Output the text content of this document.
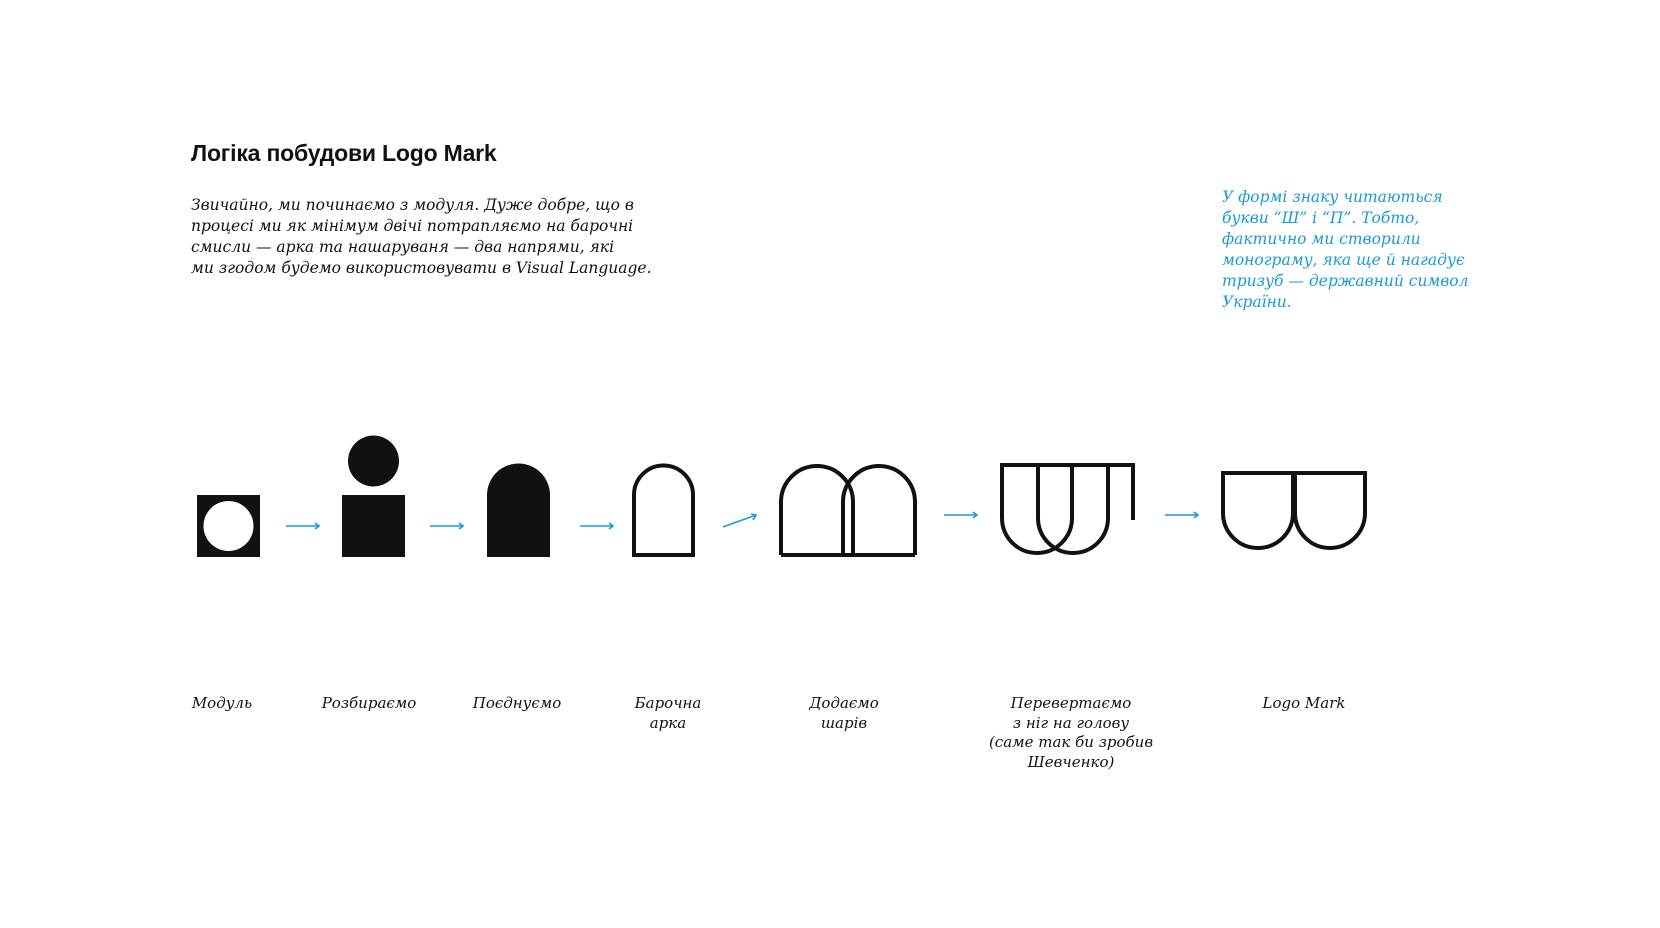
Логіка побудови Logo Mark

Звичайно, ми починаємо з модуля. Дуже добре, що в
процесі ми як мінімум двічі потрапляємо на барочні
смисли — арка та нашаруваня — два напрями, які
ми згодом будемо використовувати в Visual Language.

У формі знаку читаються
букви “Ш” і “П”. Тобто,
фактично ми створили
монограму, яка ще й нагадує
тризуб — державний символ
України.

Модуль	Розбираємо	Поєднуємо	Барочна
арка
Додаємо
шарів
Перевертаємо
з ніг на голову
(саме так би зробив
Шевченко)
Logo Mark
